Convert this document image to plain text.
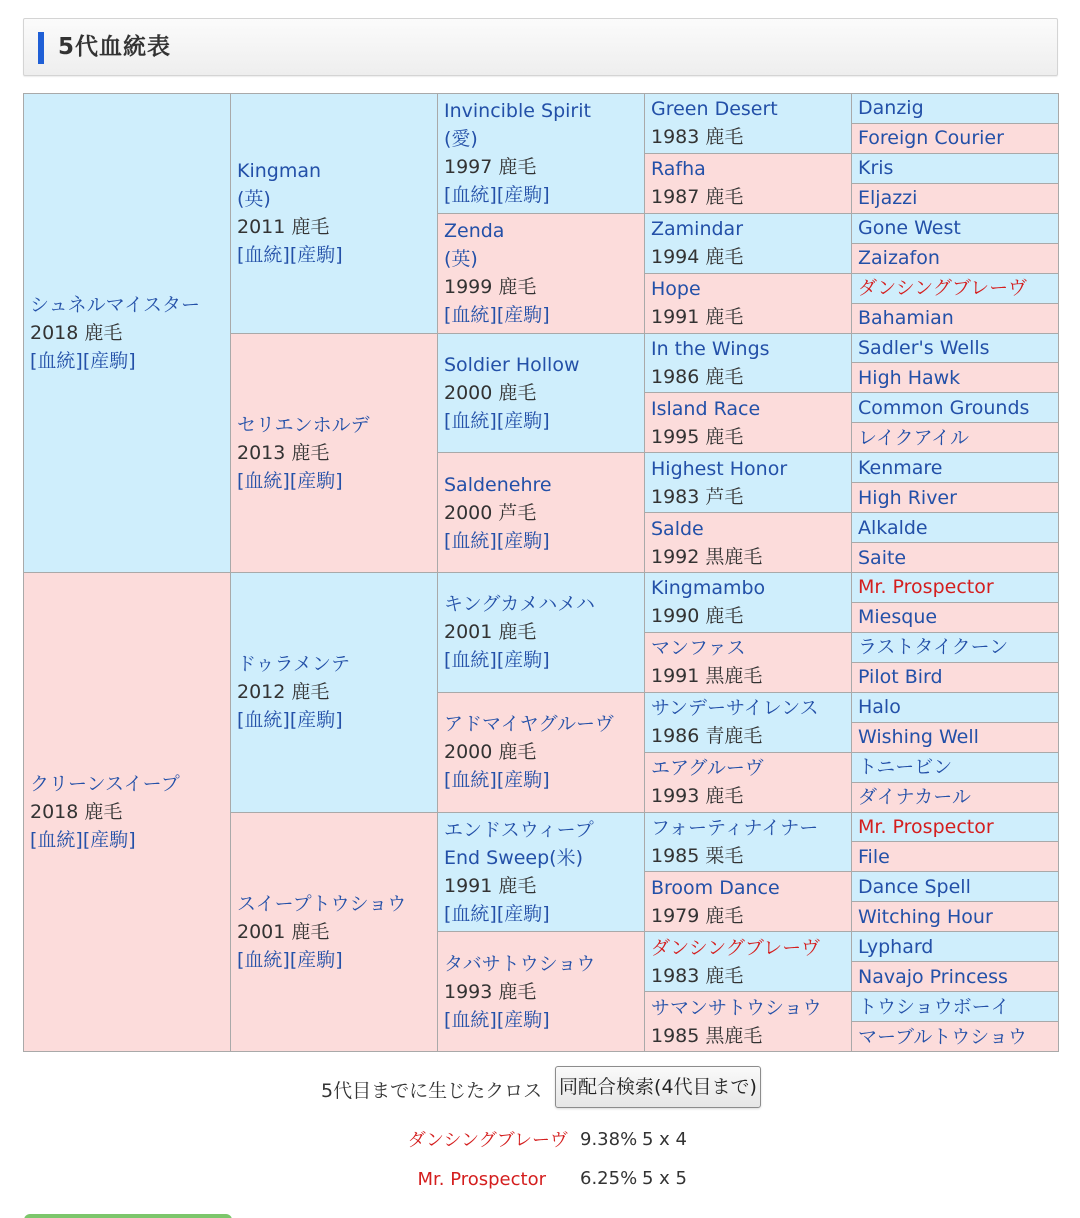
5代血統表
シュネルマイスター
2018 鹿毛
[血統][産駒]	Kingman
(英)
2011 鹿毛
[血統][産駒]	Invincible Spirit
(愛)
1997 鹿毛
[血統][産駒]	Green Desert
1983 鹿毛	Danzig

				Foreign Courier

			Rafha
1987 鹿毛	Kris

				Eljazzi

		Zenda
(英)
1999 鹿毛
[血統][産駒]	Zamindar
1994 鹿毛	Gone West

				Zaizafon

			Hope
1991 鹿毛	ダンシングブレーヴ

				Bahamian

	セリエンホルデ
2013 鹿毛
[血統][産駒]	Soldier Hollow
2000 鹿毛
[血統][産駒]	In the Wings
1986 鹿毛	Sadler's Wells

				High Hawk

			Island Race
1995 鹿毛	Common Grounds

				レイクアイル

		Saldenehre
2000 芦毛
[血統][産駒]	Highest Honor
1983 芦毛	Kenmare

				High River

			Salde
1992 黒鹿毛	Alkalde

				Saite

クリーンスイープ
2018 鹿毛
[血統][産駒]	ドゥラメンテ
2012 鹿毛
[血統][産駒]	キングカメハメハ
2001 鹿毛
[血統][産駒]	Kingmambo
1990 鹿毛	Mr. Prospector

				Miesque

			マンファス
1991 黒鹿毛	ラストタイクーン

				Pilot Bird

		アドマイヤグルーヴ
2000 鹿毛
[血統][産駒]	サンデーサイレンス
1986 青鹿毛	Halo

				Wishing Well

			エアグルーヴ
1993 鹿毛	トニービン

				ダイナカール

	スイープトウショウ
2001 鹿毛
[血統][産駒]	エンドスウィープ
End Sweep(米)
1991 鹿毛
[血統][産駒]	フォーティナイナー
1985 栗毛	Mr. Prospector

				File

			Broom Dance
1979 鹿毛	Dance Spell

				Witching Hour

		タバサトウショウ
1993 鹿毛
[血統][産駒]	ダンシングブレーヴ
1983 鹿毛	Lyphard

				Navajo Princess

			サマンサトウショウ
1985 黒鹿毛	トウショウボーイ

				マーブルトウショウ
5代目までに生じたクロス 同配合検索(4代目まで)
ダンシングブレーヴ 9.38% 5 x 4
Mr. Prospector 6.25% 5 x 5
